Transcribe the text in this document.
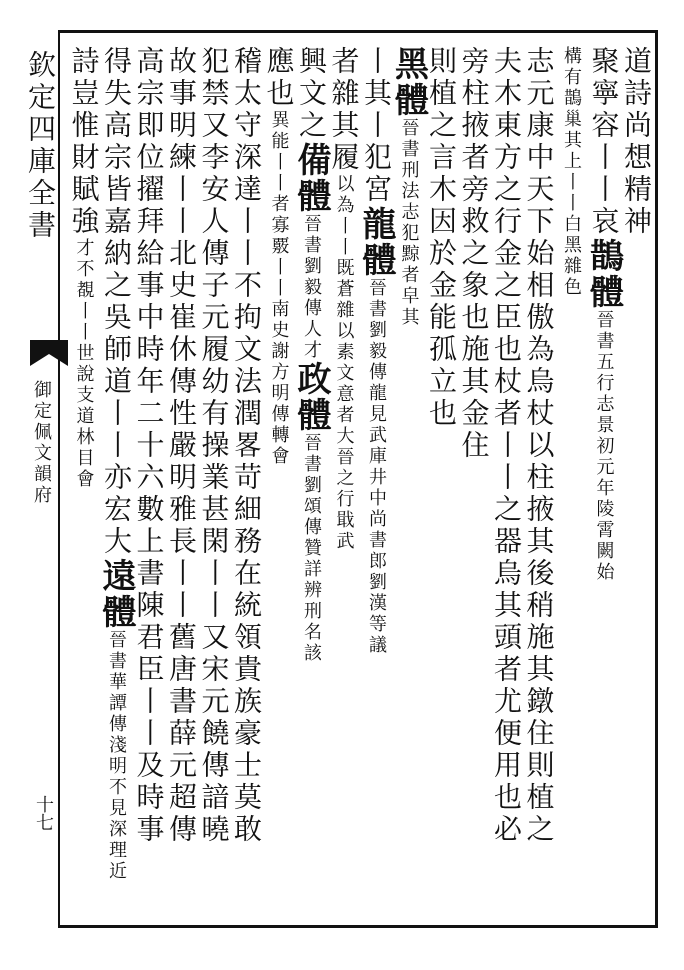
欽定四庫全書
御定佩文韻府
十七
道詩尚想精神
聚寧容丨丨哀鵲體晉書五行志景初元年陵霄闕始
構有鵲巢其上丨丨白黑雜色
志元康中天下始相傲為烏杖以柱掖其後稍施其鐓住則植之
夫木東方之行金之臣也杖者丨丨之器烏其頭者尤便用也必
旁柱掖者旁救之象也施其金住
則植之言木因於金能孤立也
黑體晉書刑法志犯黥者皁其
丨其丨犯宮龍體晉書劉毅傳龍見武庫井中尚書郎劉漢等議
者雜其履以為丨丨既蒼雜以素文意者大晉之行戢武
興文之備體晉書劉毅傳人才政體晉書劉頌傳贊詳辨刑名該
應也異能丨丨者寡覈丨丨南史謝方明傳轉會
稽太守深達丨丨不拘文法潤畧苛細務在統領貴族豪士莫敢
犯禁又李安人傳子元履幼有操業甚閑丨丨又宋元饒傳諳曉
故事明練丨丨北史崔休傳性嚴明雅長丨丨舊唐書薛元超傳
高宗即位擢拜給事中時年二十六數上書陳君臣丨丨及時事
得失高宗皆嘉納之吳師道丨丨亦宏大遠體晉書華譚傳淺明不見深理近
詩豈惟財賦強才不覩丨丨世說支道林目會
